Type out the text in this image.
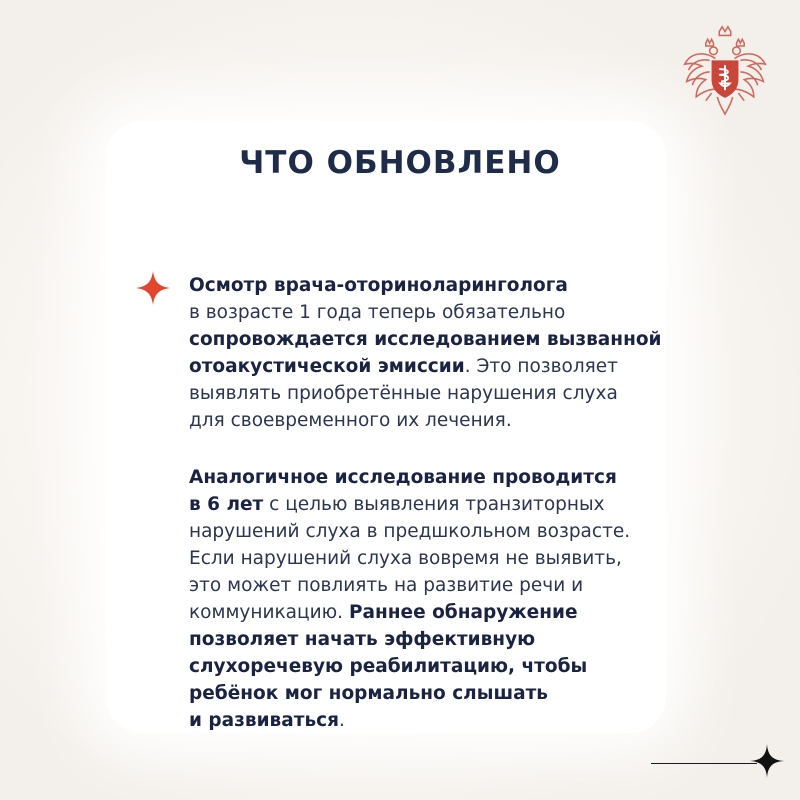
ЧТО ОБНОВЛЕНО
Осмотр врача-оториноларинголога
в возрасте 1 года теперь обязательно
сопровождается исследованием вызванной
отоакустической эмиссии. Это позволяет
выявлять приобретённые нарушения слуха
для своевременного их лечения.
Аналогичное исследование проводится
в 6 лет с целью выявления транзиторных
нарушений слуха в предшкольном возрасте.
Если нарушений слуха вовремя не выявить,
это может повлиять на развитие речи и
коммуникацию. Раннее обнаружение
позволяет начать эффективную
слухоречевую реабилитацию, чтобы
ребёнок мог нормально слышать
и развиваться.
